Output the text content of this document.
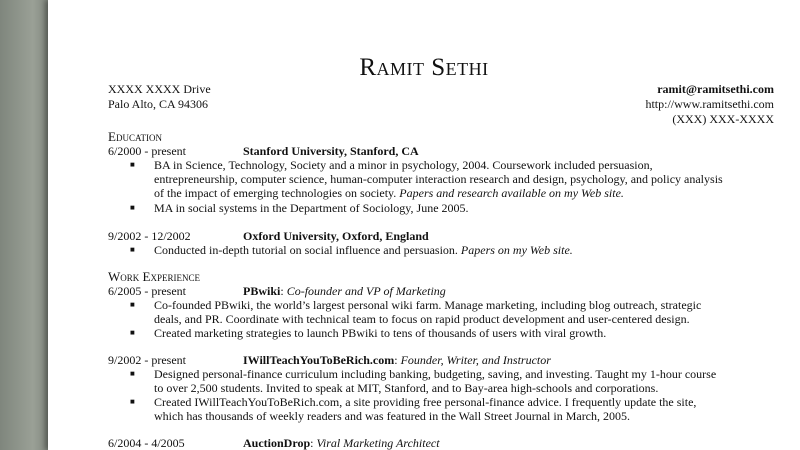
Ramit Sethi
XXXX XXXX Drive
Palo Alto, CA 94306
ramit@ramitsethi.com
http://www.ramitsethi.com
(XXX) XXX-XXXX
Education
6/2000 - present	Stanford University, Stanford, CA
■ BA in Science, Technology, Society and a minor in psychology, 2004. Coursework included persuasion,
entrepreneurship, computer science, human-computer interaction research and design, psychology, and policy analysis
of the impact of emerging technologies on society. Papers and research available on my Web site.
■ MA in social systems in the Department of Sociology, June 2005.
9/2002 - 12/2002	Oxford University, Oxford, England
■ Conducted in-depth tutorial on social influence and persuasion. Papers on my Web site.
Work Experience
6/2005 - present	PBwiki: Co-founder and VP of Marketing
■ Co-founded PBwiki, the world’s largest personal wiki farm. Manage marketing, including blog outreach, strategic
deals, and PR. Coordinate with technical team to focus on rapid product development and user-centered design.
■ Created marketing strategies to launch PBwiki to tens of thousands of users with viral growth.
9/2002 - present	IWillTeachYouToBeRich.com: Founder, Writer, and Instructor
■ Designed personal-finance curriculum including banking, budgeting, saving, and investing. Taught my 1-hour course
to over 2,500 students. Invited to speak at MIT, Stanford, and to Bay-area high-schools and corporations.
■ Created IWillTeachYouToBeRich.com, a site providing free personal-finance advice. I frequently update the site,
which has thousands of weekly readers and was featured in the Wall Street Journal in March, 2005.
6/2004 - 4/2005	AuctionDrop: Viral Marketing Architect
